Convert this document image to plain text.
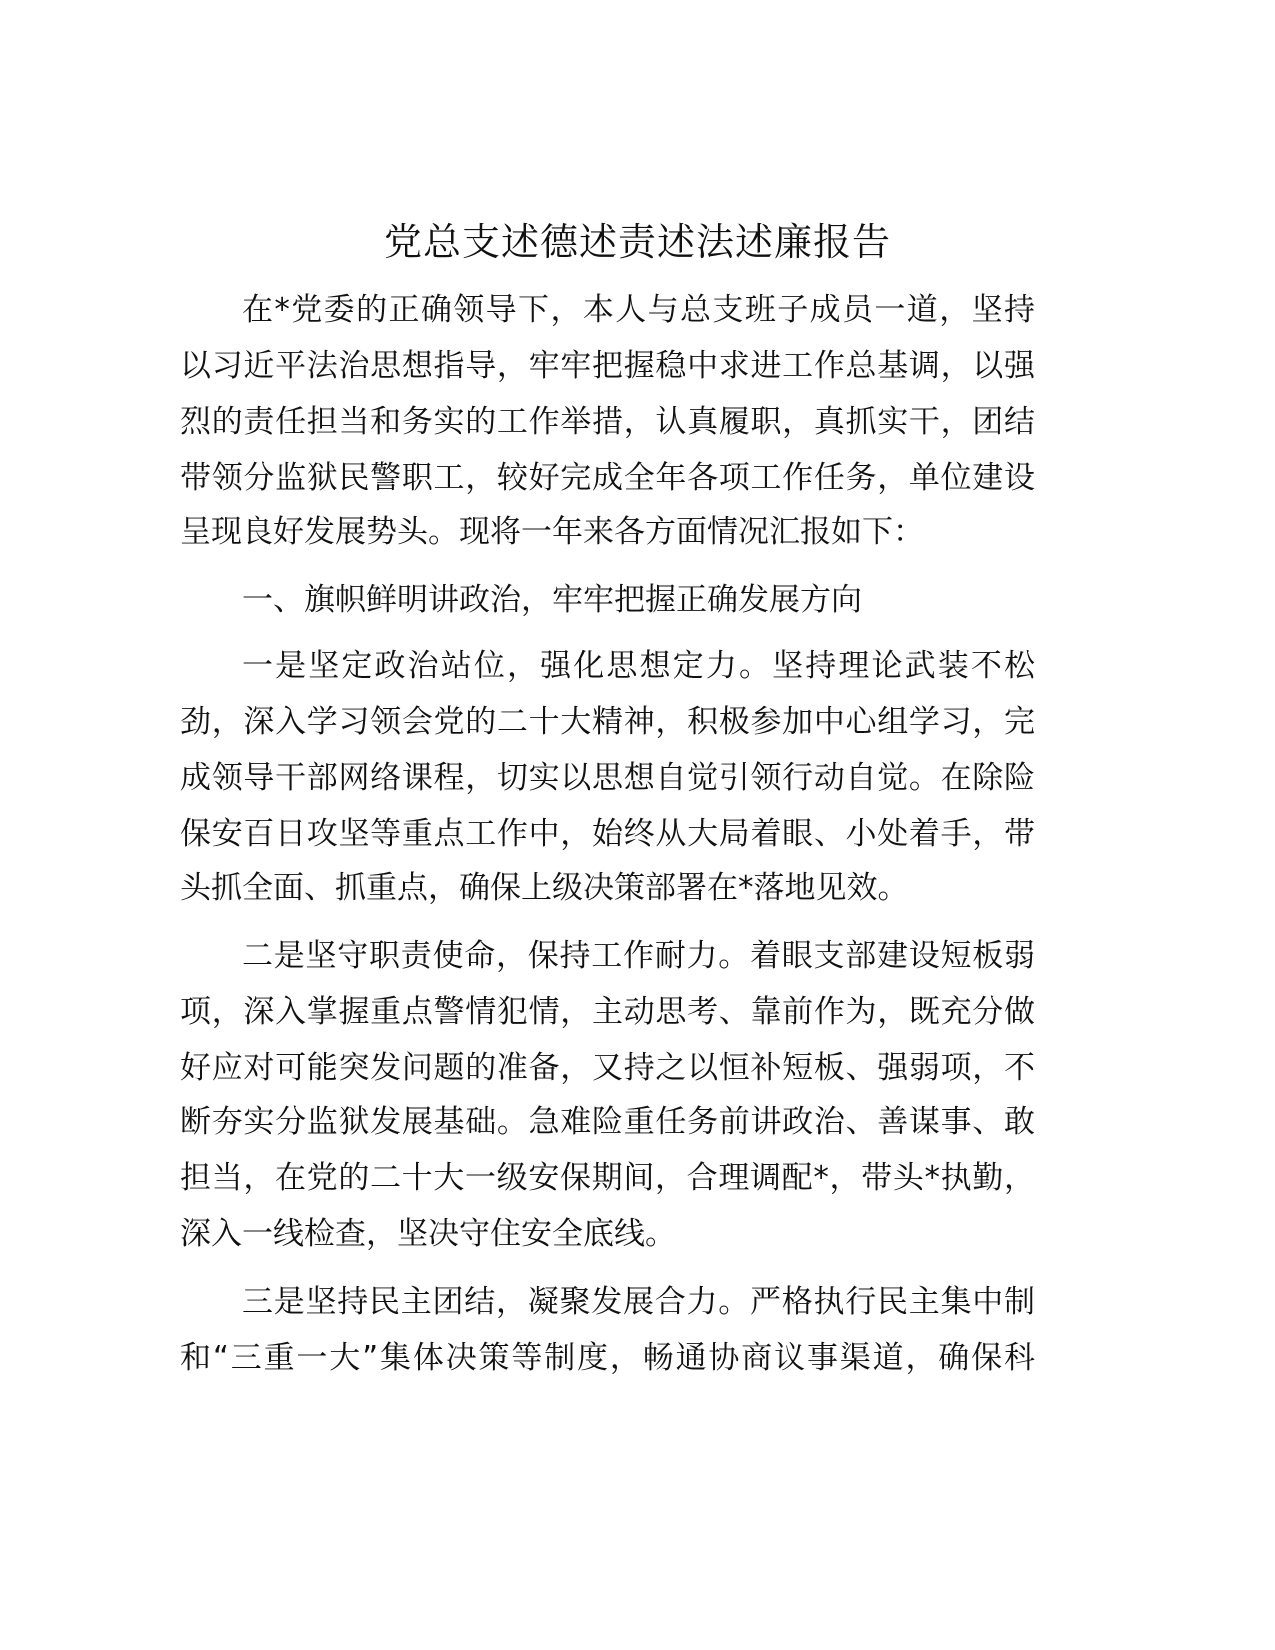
党总支述德述责述法述廉报告
在*党委的正确领导下，本人与总支班子成员一道，坚持
以习近平法治思想指导，牢牢把握稳中求进工作总基调，以强
烈的责任担当和务实的工作举措，认真履职，真抓实干，团结
带领分监狱民警职工，较好完成全年各项工作任务，单位建设
呈现良好发展势头。现将一年来各方面情况汇报如下：
一、旗帜鲜明讲政治，牢牢把握正确发展方向
一是坚定政治站位，强化思想定力。坚持理论武装不松
劲，深入学习领会党的二十大精神，积极参加中心组学习，完
成领导干部网络课程，切实以思想自觉引领行动自觉。在除险
保安百日攻坚等重点工作中，始终从大局着眼、小处着手，带
头抓全面、抓重点，确保上级决策部署在*落地见效。
二是坚守职责使命，保持工作耐力。着眼支部建设短板弱
项，深入掌握重点警情犯情，主动思考、靠前作为，既充分做
好应对可能突发问题的准备，又持之以恒补短板、强弱项，不
断夯实分监狱发展基础。急难险重任务前讲政治、善谋事、敢
担当，在党的二十大一级安保期间，合理调配*，带头*执勤，
深入一线检查，坚决守住安全底线。
三是坚持民主团结，凝聚发展合力。严格执行民主集中制
和“三重一大”集体决策等制度，畅通协商议事渠道，确保科
